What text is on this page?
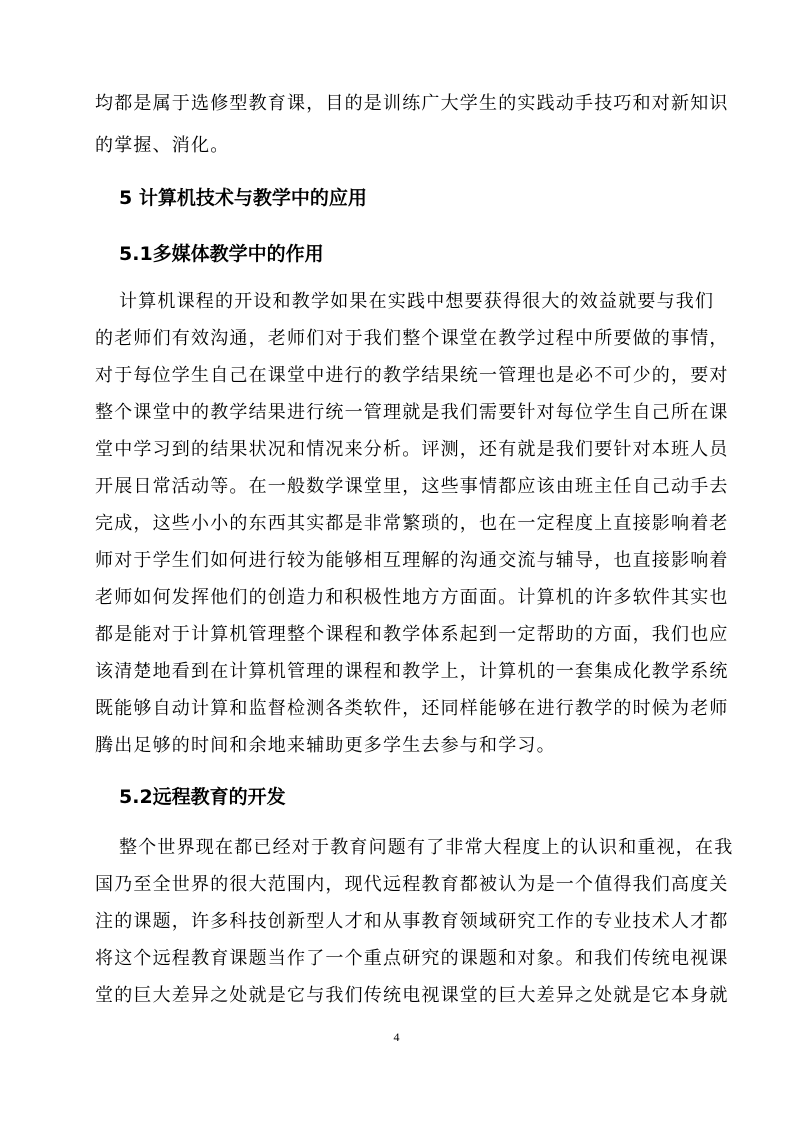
均都是属于选修型教育课，目的是训练广大学生的实践动手技巧和对新知识
的掌握、消化。
5 计算机技术与教学中的应用
5.1多媒体教学中的作用
计算机课程的开设和教学如果在实践中想要获得很大的效益就要与我们
的老师们有效沟通，老师们对于我们整个课堂在教学过程中所要做的事情，
对于每位学生自己在课堂中进行的教学结果统一管理也是必不可少的，要对
整个课堂中的教学结果进行统一管理就是我们需要针对每位学生自己所在课
堂中学习到的结果状况和情况来分析。评测，还有就是我们要针对本班人员
开展日常活动等。在一般数学课堂里，这些事情都应该由班主任自己动手去
完成，这些小小的东西其实都是非常繁琐的，也在一定程度上直接影响着老
师对于学生们如何进行较为能够相互理解的沟通交流与辅导，也直接影响着
老师如何发挥他们的创造力和积极性地方方面面。计算机的许多软件其实也
都是能对于计算机管理整个课程和教学体系起到一定帮助的方面，我们也应
该清楚地看到在计算机管理的课程和教学上，计算机的一套集成化教学系统
既能够自动计算和监督检测各类软件，还同样能够在进行教学的时候为老师
腾出足够的时间和余地来辅助更多学生去参与和学习。
5.2远程教育的开发
整个世界现在都已经对于教育问题有了非常大程度上的认识和重视，在我
国乃至全世界的很大范围内，现代远程教育都被认为是一个值得我们高度关
注的课题，许多科技创新型人才和从事教育领域研究工作的专业技术人才都
将这个远程教育课题当作了一个重点研究的课题和对象。和我们传统电视课
堂的巨大差异之处就是它与我们传统电视课堂的巨大差异之处就是它本身就
4
